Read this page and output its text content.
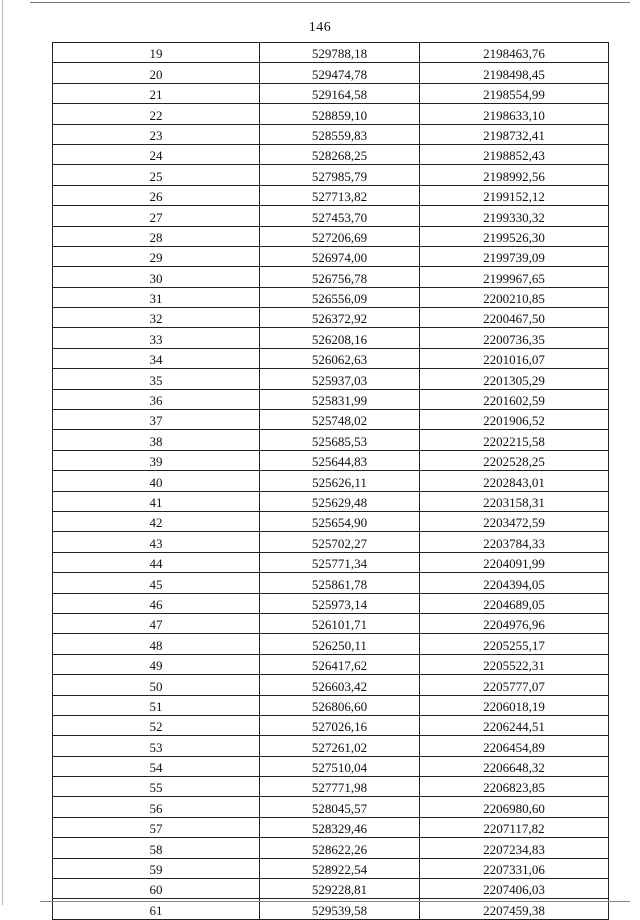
146
19	529788,18	2198463,76
20	529474,78	2198498,45
21	529164,58	2198554,99
22	528859,10	2198633,10
23	528559,83	2198732,41
24	528268,25	2198852,43
25	527985,79	2198992,56
26	527713,82	2199152,12
27	527453,70	2199330,32
28	527206,69	2199526,30
29	526974,00	2199739,09
30	526756,78	2199967,65
31	526556,09	2200210,85
32	526372,92	2200467,50
33	526208,16	2200736,35
34	526062,63	2201016,07
35	525937,03	2201305,29
36	525831,99	2201602,59
37	525748,02	2201906,52
38	525685,53	2202215,58
39	525644,83	2202528,25
40	525626,11	2202843,01
41	525629,48	2203158,31
42	525654,90	2203472,59
43	525702,27	2203784,33
44	525771,34	2204091,99
45	525861,78	2204394,05
46	525973,14	2204689,05
47	526101,71	2204976,96
48	526250,11	2205255,17
49	526417,62	2205522,31
50	526603,42	2205777,07
51	526806,60	2206018,19
52	527026,16	2206244,51
53	527261,02	2206454,89
54	527510,04	2206648,32
55	527771,98	2206823,85
56	528045,57	2206980,60
57	528329,46	2207117,82
58	528622,26	2207234,83
59	528922,54	2207331,06
60	529228,81	2207406,03
61	529539,58	2207459,38
